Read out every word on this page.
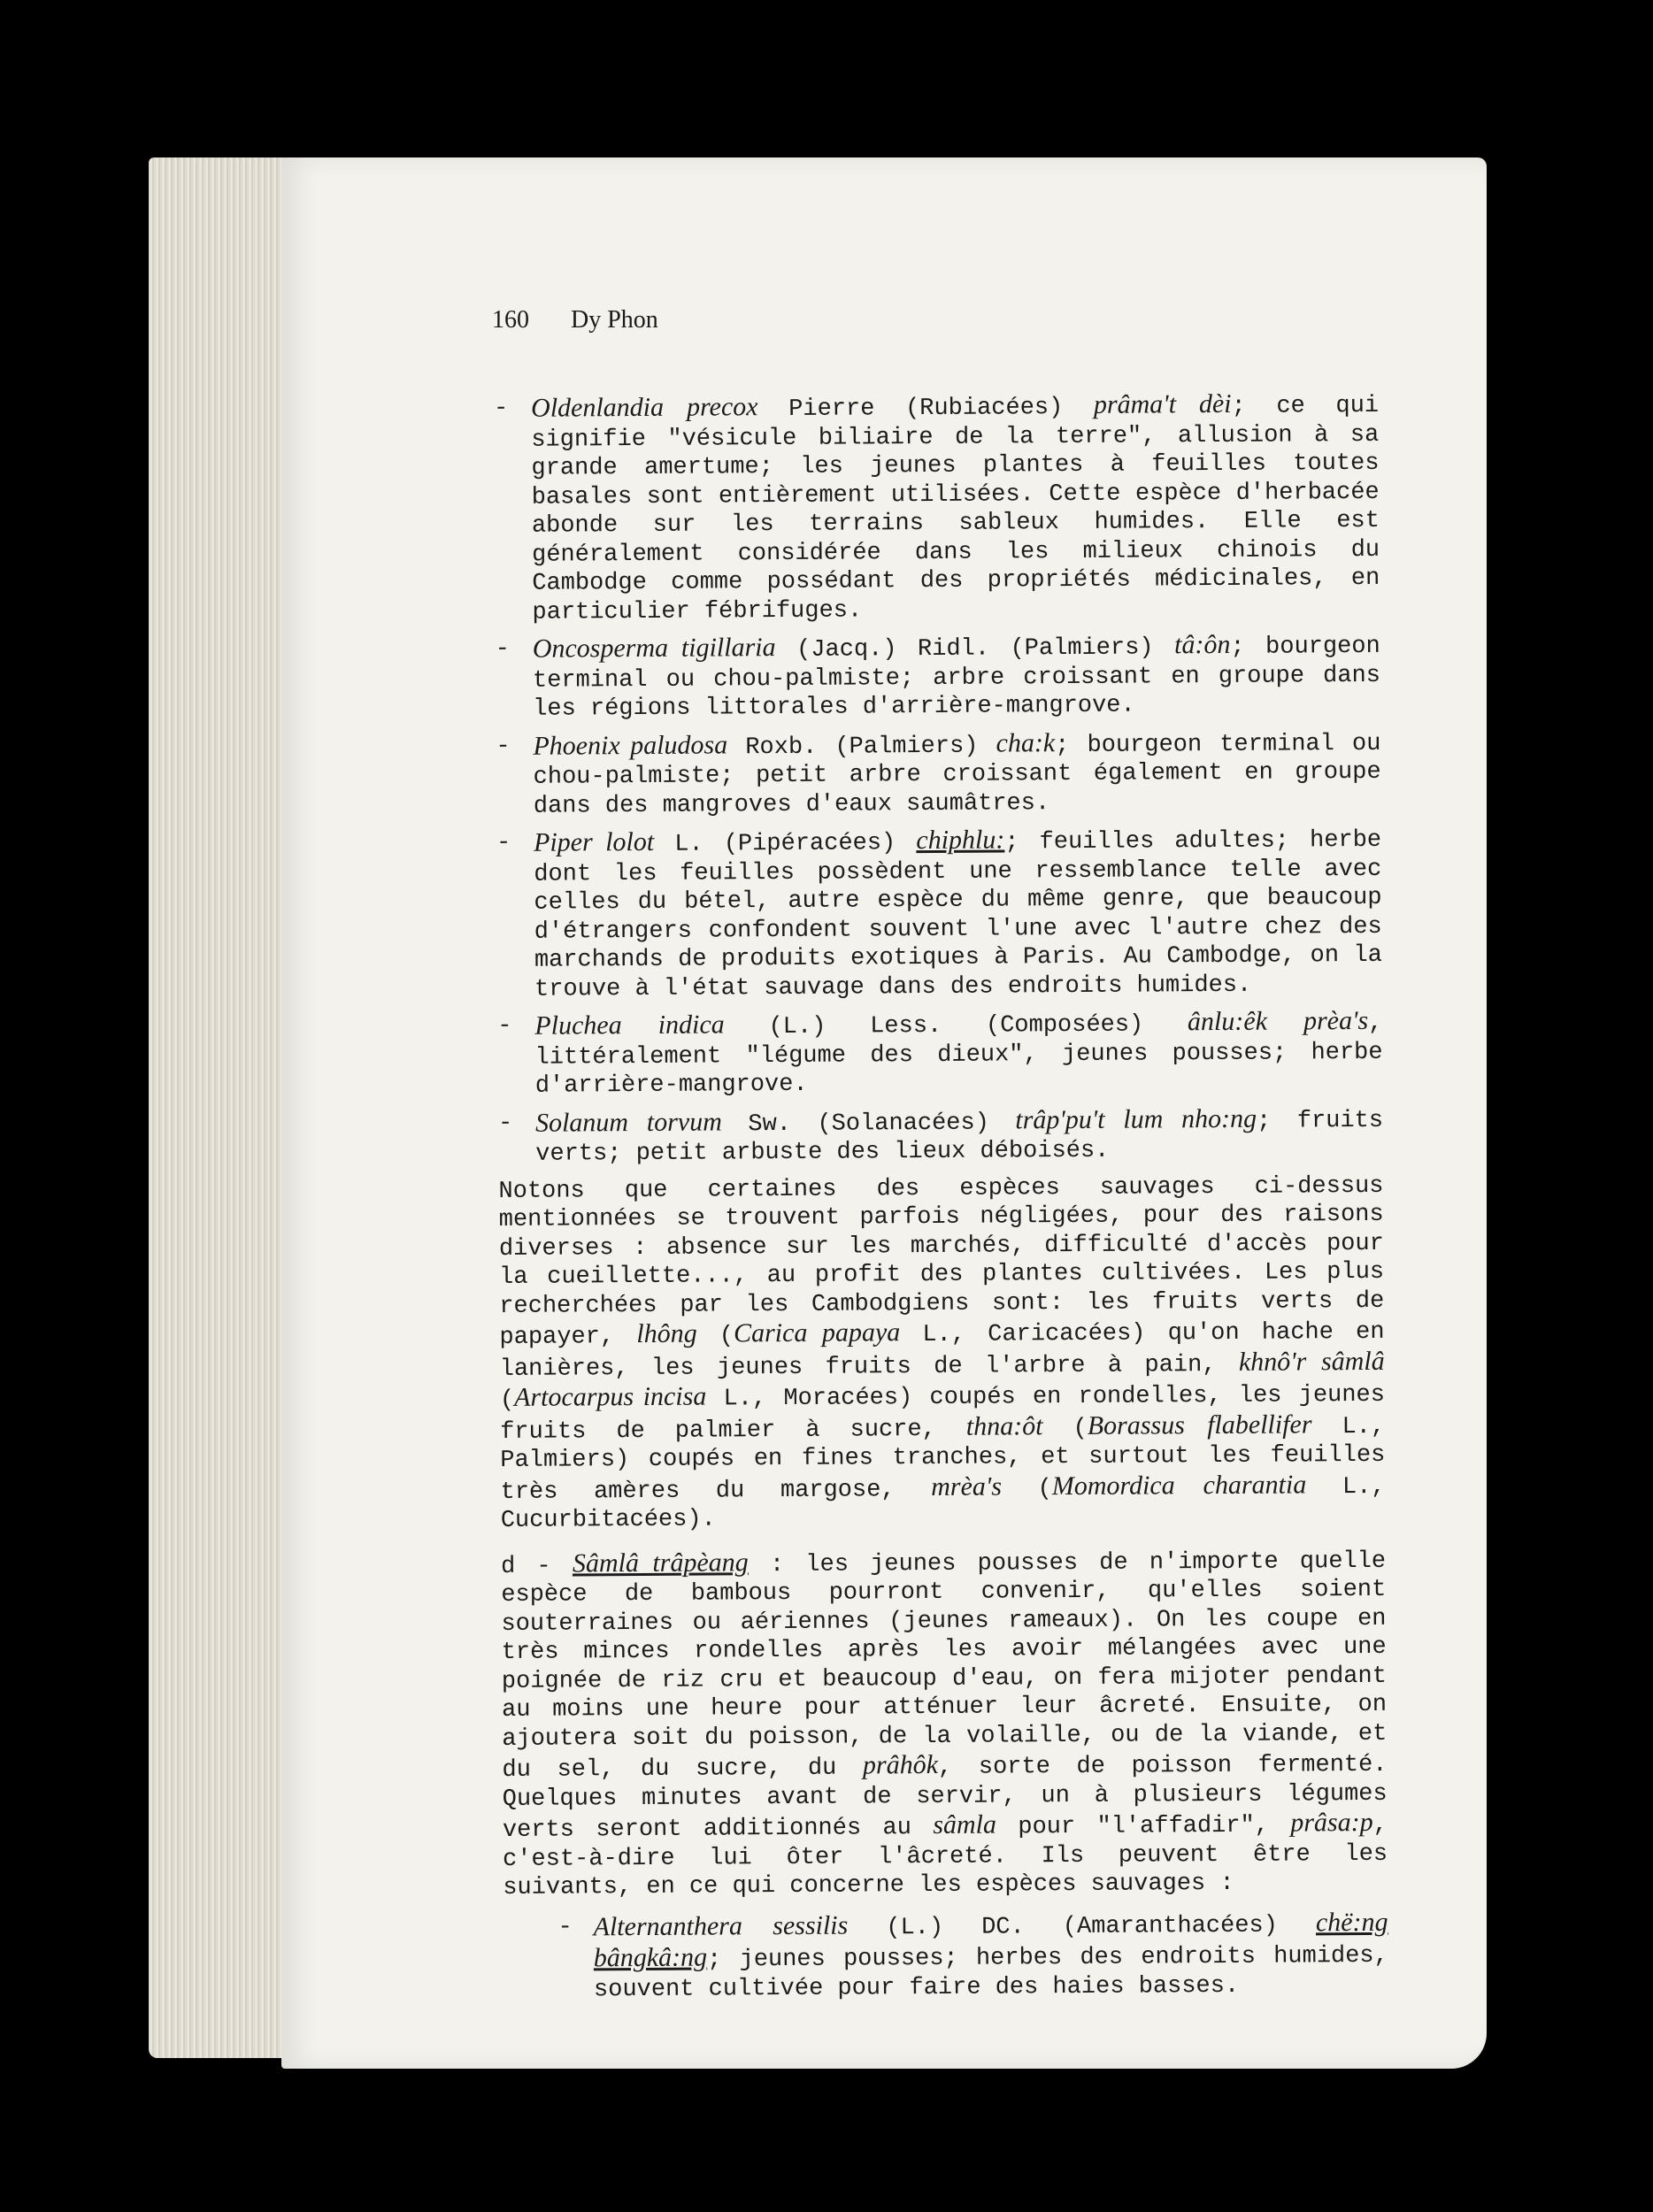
160 Dy Phon
- Oldenlandia precox Pierre (Rubiacées) prâma't dèi; ce qui signifie "vésicule biliaire de la terre", allusion à sa grande amertume; les jeunes plantes à feuilles toutes basales sont entièrement utilisées. Cette espèce d'herbacée abonde sur les terrains sableux humides. Elle est généralement considérée dans les milieux chinois du Cambodge comme possédant des propriétés médicinales, en particulier fébrifuges.
- Oncosperma tigillaria (Jacq.) Ridl. (Palmiers) tâ:ôn; bourgeon terminal ou chou-palmiste; arbre croissant en groupe dans les régions littorales d'arrière-mangrove.
- Phoenix paludosa Roxb. (Palmiers) cha:k; bourgeon terminal ou chou-palmiste; petit arbre croissant également en groupe dans des mangroves d'eaux saumâtres.
- Piper lolot L. (Pipéracées) chiphlu:; feuilles adultes; herbe dont les feuilles possèdent une ressemblance telle avec celles du bétel, autre espèce du même genre, que beaucoup d'étrangers confondent souvent l'une avec l'autre chez des marchands de produits exotiques à Paris. Au Cambodge, on la trouve à l'état sauvage dans des endroits humides.
- Pluchea indica (L.) Less. (Composées) ânlu:êk prèa's, littéralement "légume des dieux", jeunes pousses; herbe d'arrière-mangrove.
- Solanum torvum Sw. (Solanacées) trâp'pu't lum nho:ng; fruits verts; petit arbuste des lieux déboisés.

Notons que certaines des espèces sauvages ci-dessus mentionnées se trouvent parfois négligées, pour des raisons diverses : absence sur les marchés, difficulté d'accès pour la cueillette..., au profit des plantes cultivées. Les plus recherchées par les Cambodgiens sont: les fruits verts de papayer, lhông (Carica papaya L., Caricacées) qu'on hache en lanières, les jeunes fruits de l'arbre à pain, khnô'r sâmlâ (Artocarpus incisa L., Moracées) coupés en rondelles, les jeunes fruits de palmier à sucre, thna:ôt (Borassus flabellifer L., Palmiers) coupés en fines tranches, et surtout les feuilles très amères du margose, mrèa's (Momordica charantia L., Cucurbitacées).

d - Sâmlâ trâpèang : les jeunes pousses de n'importe quelle espèce de bambous pourront convenir, qu'elles soient souterraines ou aériennes (jeunes rameaux). On les coupe en très minces rondelles après les avoir mélangées avec une poignée de riz cru et beaucoup d'eau, on fera mijoter pendant au moins une heure pour atténuer leur âcreté. Ensuite, on ajoutera soit du poisson, de la volaille, ou de la viande, et du sel, du sucre, du prâhôk, sorte de poisson fermenté. Quelques minutes avant de servir, un à plusieurs légumes verts seront additionnés au sâmla pour "l'affadir", prâsa:p, c'est-à-dire lui ôter l'âcreté. Ils peuvent être les suivants, en ce qui concerne les espèces sauvages :

- Alternanthera sessilis (L.) DC. (Amaranthacées) chë:ng bângkâ:ng; jeunes pousses; herbes des endroits humides, souvent cultivée pour faire des haies basses.
